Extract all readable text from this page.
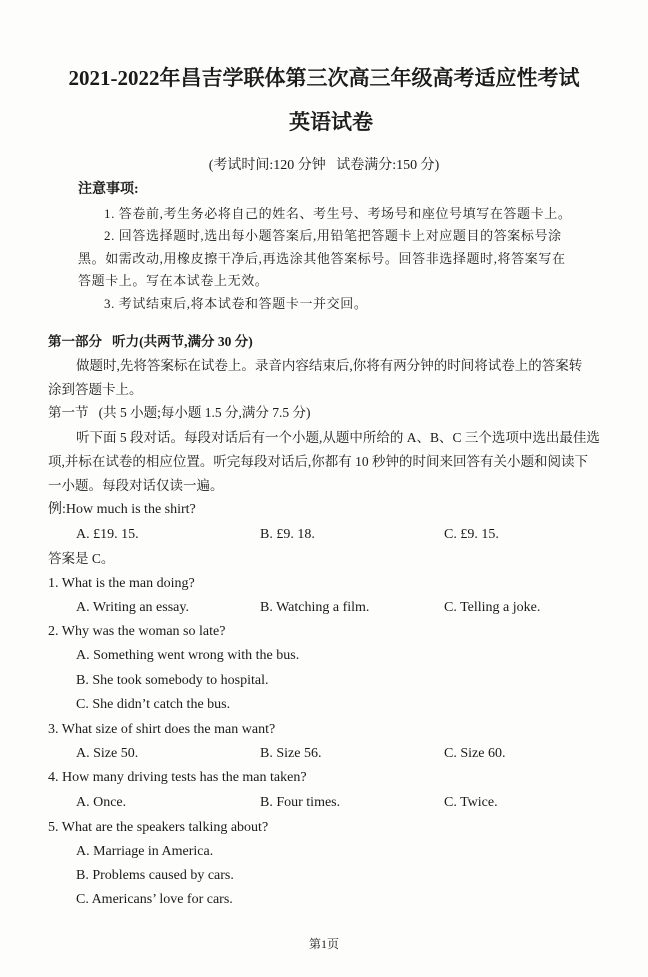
2021-2022年昌吉学联体第三次高三年级高考适应性考试
英语试卷
(考试时间:120 分钟   试卷满分:150 分)
注意事项:
1. 答卷前,考生务必将自己的姓名、考生号、考场号和座位号填写在答题卡上。
2. 回答选择题时,选出每小题答案后,用铅笔把答题卡上对应题目的答案标号涂
黑。如需改动,用橡皮擦干净后,再选涂其他答案标号。回答非选择题时,将答案写在
答题卡上。写在本试卷上无效。
3. 考试结束后,将本试卷和答题卡一并交回。
第一部分   听力(共两节,满分 30 分)
做题时,先将答案标在试卷上。录音内容结束后,你将有两分钟的时间将试卷上的答案转
涂到答题卡上。
第一节   (共 5 小题;每小题 1.5 分,满分 7.5 分)
听下面 5 段对话。每段对话后有一个小题,从题中所给的 A、B、C 三个选项中选出最佳选
项,并标在试卷的相应位置。听完每段对话后,你都有 10 秒钟的时间来回答有关小题和阅读下
一小题。每段对话仅读一遍。
例:How much is the shirt?
A. £19. 15.	B. £9. 18.	C. £9. 15.
答案是 C。
1. What is the man doing?
A. Writing an essay.	B. Watching a film.	C. Telling a joke.
2. Why was the woman so late?
A. Something went wrong with the bus.
B. She took somebody to hospital.
C. She didn’t catch the bus.
3. What size of shirt does the man want?
A. Size 50.	B. Size 56.	C. Size 60.
4. How many driving tests has the man taken?
A. Once.	B. Four times.	C. Twice.
5. What are the speakers talking about?
A. Marriage in America.
B. Problems caused by cars.
C. Americans’ love for cars.
第1页
